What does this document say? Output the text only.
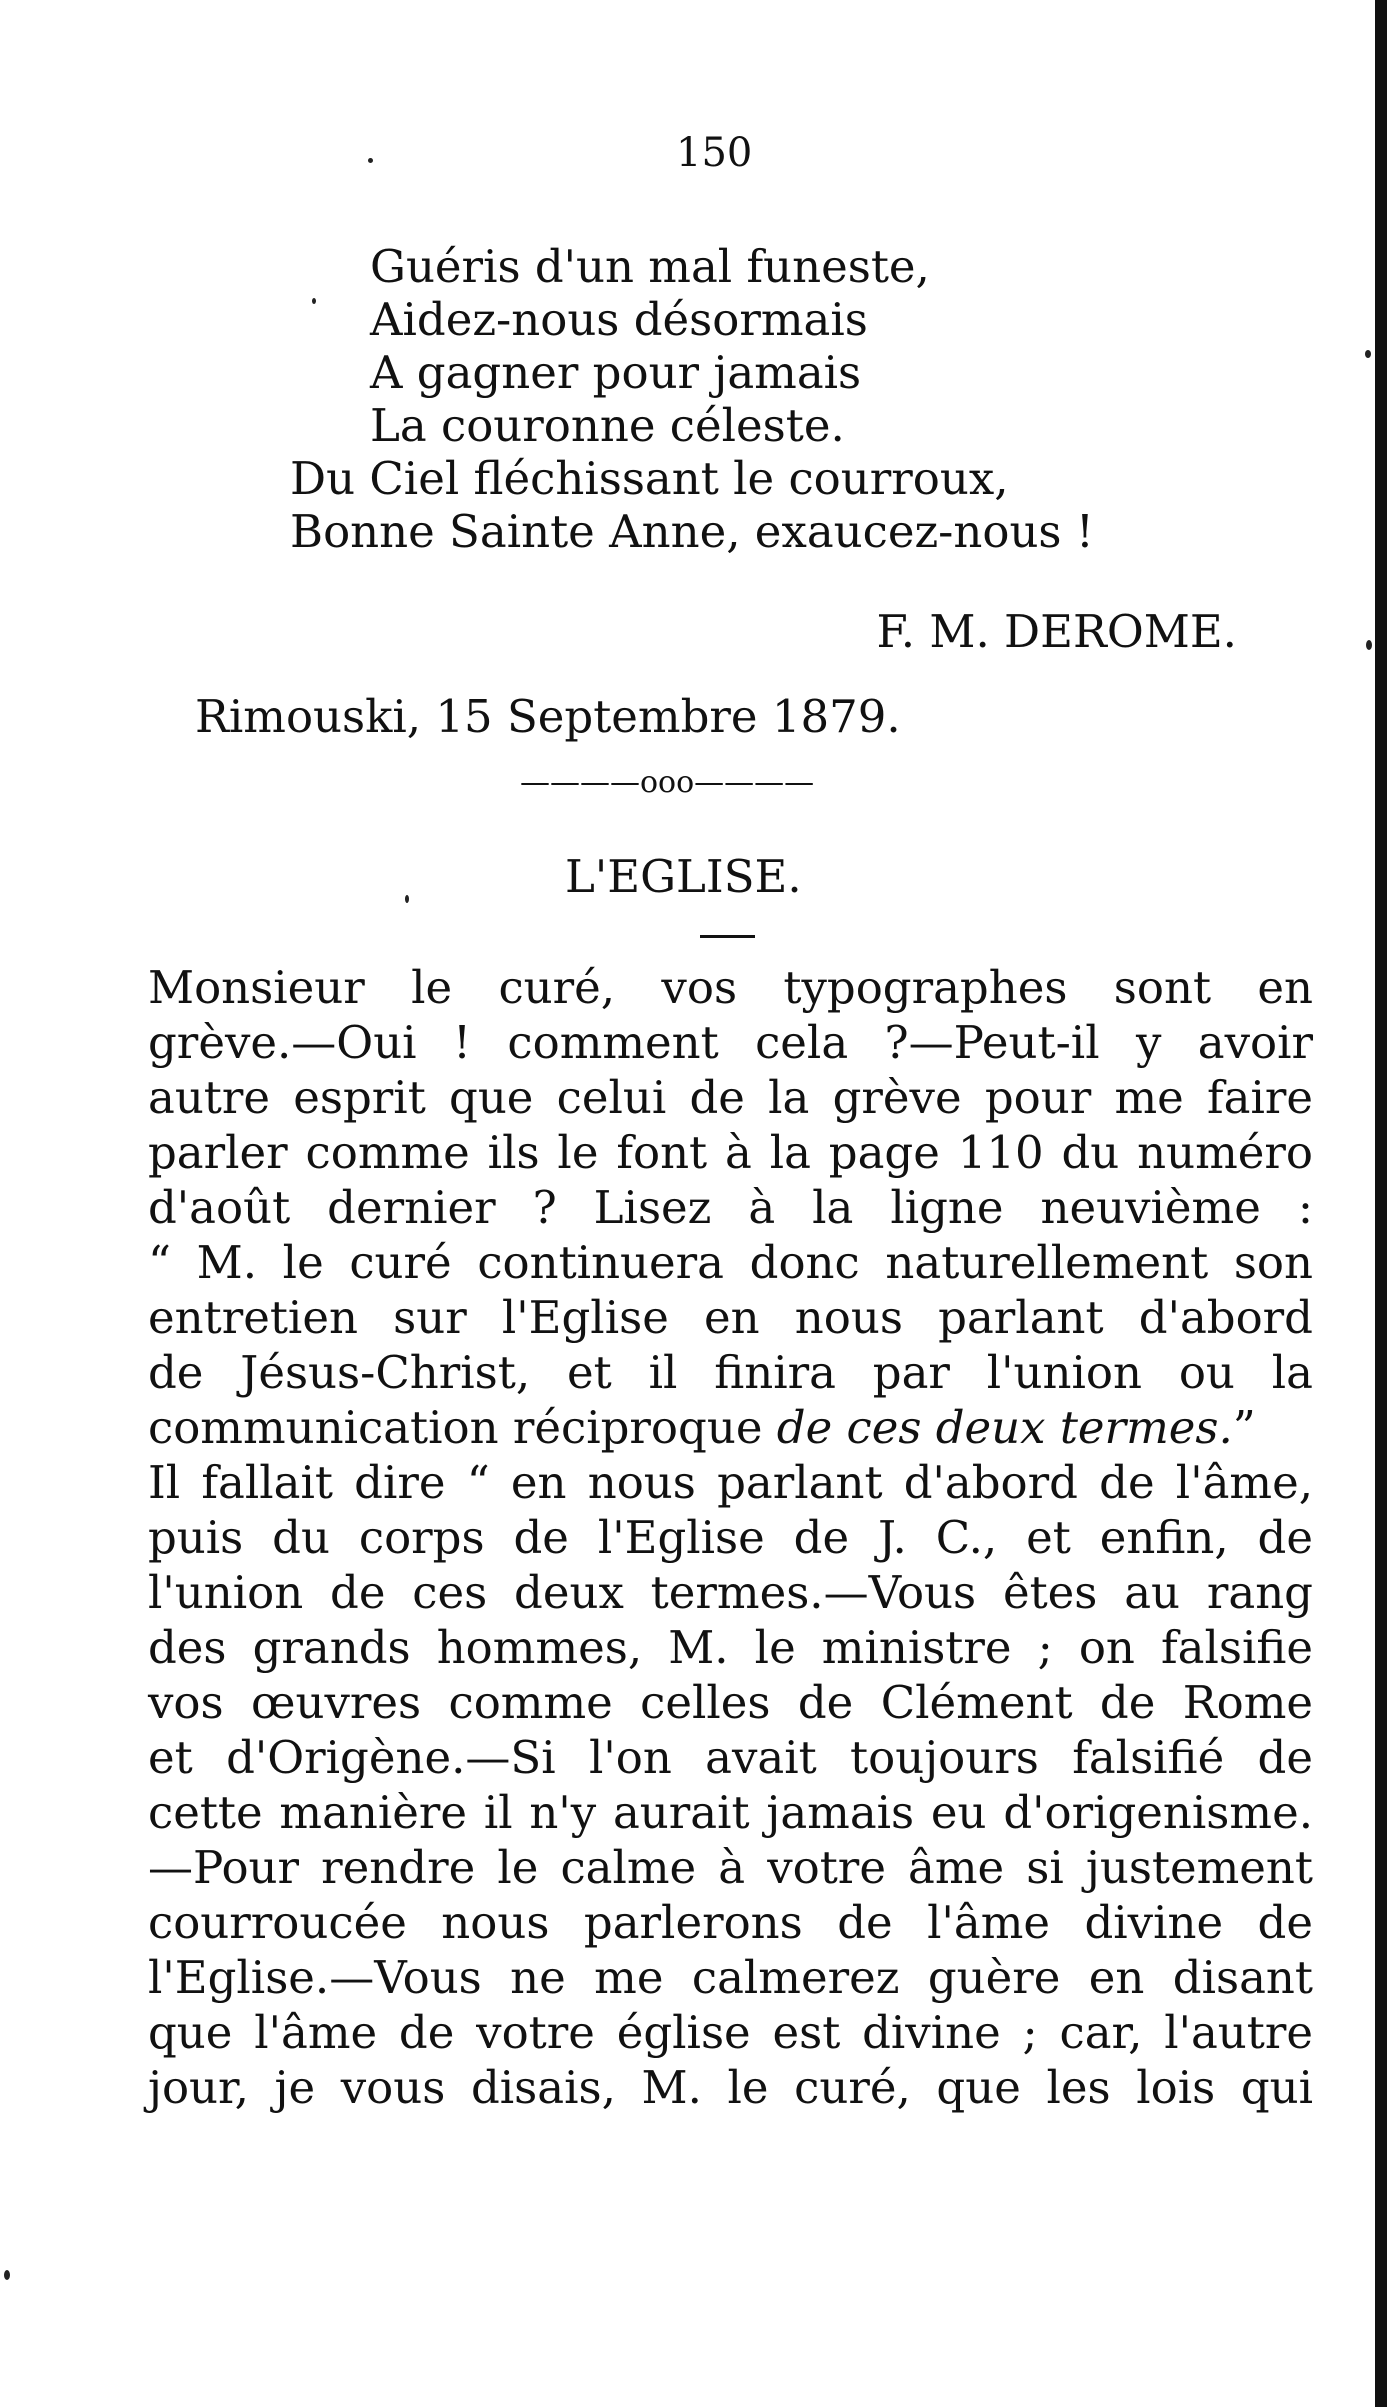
150
Guéris d'un mal funeste,
Aidez-nous désormais
A gagner pour jamais
La couronne céleste.
Du Ciel fléchissant le courroux,
Bonne Sainte Anne, exaucez-nous !
F. M. DEROME.
Rimouski, 15 Septembre 1879.
————ooo————
L'EGLISE.
Monsieur le curé, vos typographes sont en
grève.—Oui ! comment cela ?—Peut-il y avoir
autre esprit que celui de la grève pour me faire
parler comme ils le font à la page 110 du numéro
d'août dernier ? Lisez à la ligne neuvième :
“ M. le curé continuera donc naturellement son
entretien sur l'Eglise en nous parlant d'abord
de Jésus-Christ, et il finira par l'union ou la
communication réciproque de ces deux termes.”
Il fallait dire “ en nous parlant d'abord de l'âme,
puis du corps de l'Eglise de J. C., et enfin, de
l'union de ces deux termes.—Vous êtes au rang
des grands hommes, M. le ministre ; on falsifie
vos œuvres comme celles de Clément de Rome
et d'Origène.—Si l'on avait toujours falsifié de
cette manière il n'y aurait jamais eu d'origenisme.
—Pour rendre le calme à votre âme si justement
courroucée nous parlerons de l'âme divine de
l'Eglise.—Vous ne me calmerez guère en disant
que l'âme de votre église est divine ; car, l'autre
jour, je vous disais, M. le curé, que les lois qui
